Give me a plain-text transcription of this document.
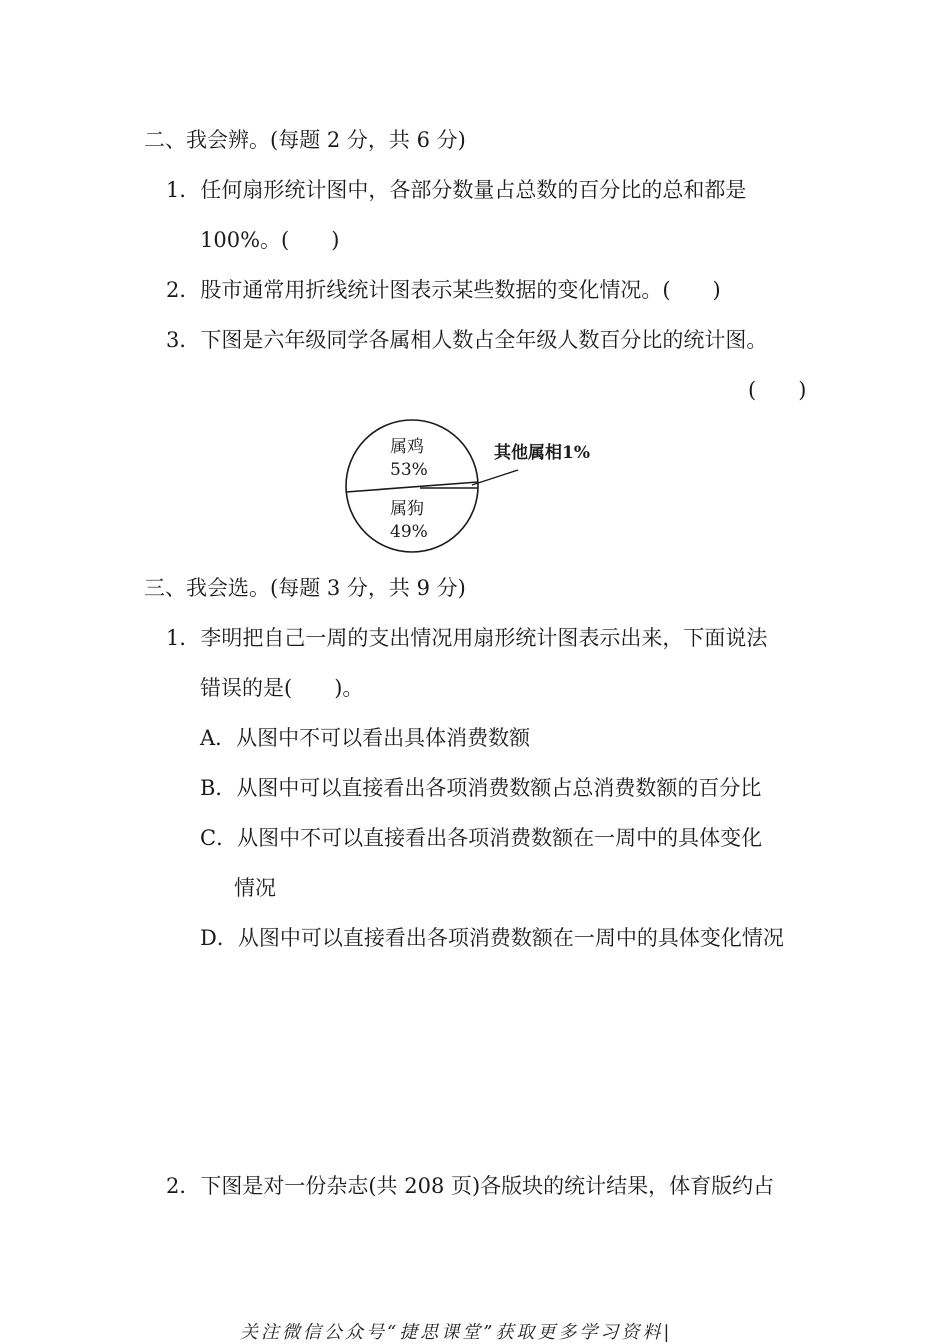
二、我会辨。(每题 2 分，共 6 分)
1．任何扇形统计图中，各部分数量占总数的百分比的总和都是
100%。(　　)
2．股市通常用折线统计图表示某些数据的变化情况。(　　)
3．下图是六年级同学各属相人数占全年级人数百分比的统计图。
(　　)
属鸡
53%
属狗
49%
其他属相1%
三、我会选。(每题 3 分，共 9 分)
1．李明把自己一周的支出情况用扇形统计图表示出来，下面说法
错误的是(　　)。
A．从图中不可以看出具体消费数额
B．从图中可以直接看出各项消费数额占总消费数额的百分比
C．从图中不可以直接看出各项消费数额在一周中的具体变化
情况
D．从图中可以直接看出各项消费数额在一周中的具体变化情况
2．下图是对一份杂志(共 208 页)各版块的统计结果，体育版约占
关注微信公众号“捷思课堂”获取更多学习资料|
